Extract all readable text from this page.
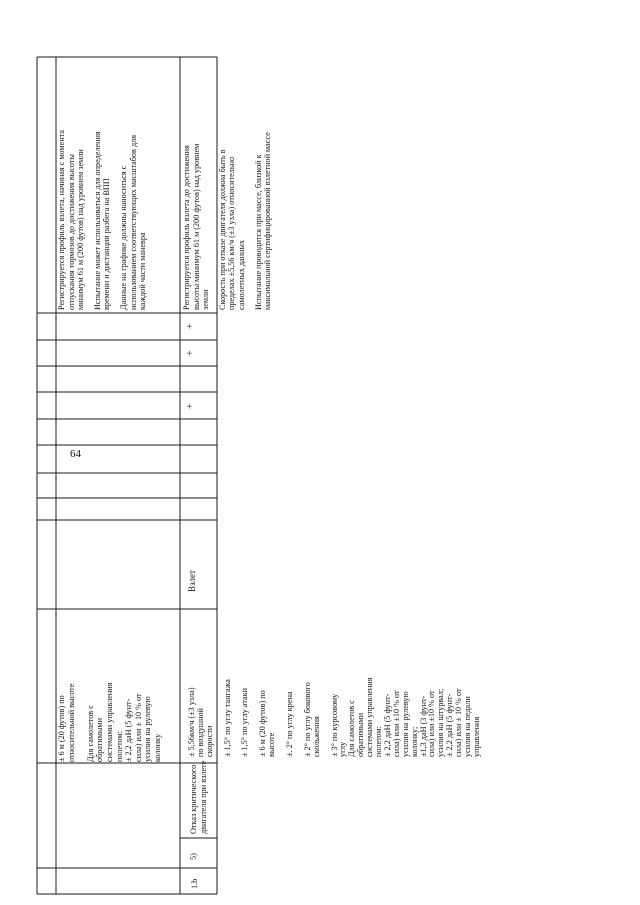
64
± 6 м (20 футов) по относительной высоте
Для самолетов с обратимыми системами управления полетом: ± 2,2 даН (5 фунт- сила) или ± 10 % от усилия на рулевую колонку
Регистрируется профиль взлета, начиная с момента отпускания тормозов до достижения высоты минимум 61 м (200 футов) над уровнем земли Испытание может использоваться для определения времени и дистанции разбега на ВПП Данные на графике должны наноситься с использованием соответствующих масштабов для каждой части маневра
1.b
5)
Отказ критического двигателя при взлете
± 5,56км/ч (±3 узла) по воздушной скорости
± 1,5° по углу тангажа
± 1,5° по углу атаки
± 6 м (20 футов) по высоте
±. 2° по углу крена
± 2° по углу бокового скольжения
± 3° по курсовому углу Для самолетов с обратимыми системами управления полетом: ± 2,2 даН (5 фунт- сила) или ±10 % от усилия на рулевую колонку; ±1,3 даН (3 фунт- сила) или ±10 % от усилия на штурвал; ± 2,2 даН (5 фунт- сила) или ± 10 % от усилия на педали управления
Взлет
+
+
+
Регистрируется профиль взлета до достижения высоты минимум 61 м (200 футов) над уровнем земли Скорость при отказе двигателя должна быть в пределах ±5,56 км/ч (±3 узла) относительно самолетных данных Испытание проводится при массе, близкой к максимальной сертифицированной взлетной массе
